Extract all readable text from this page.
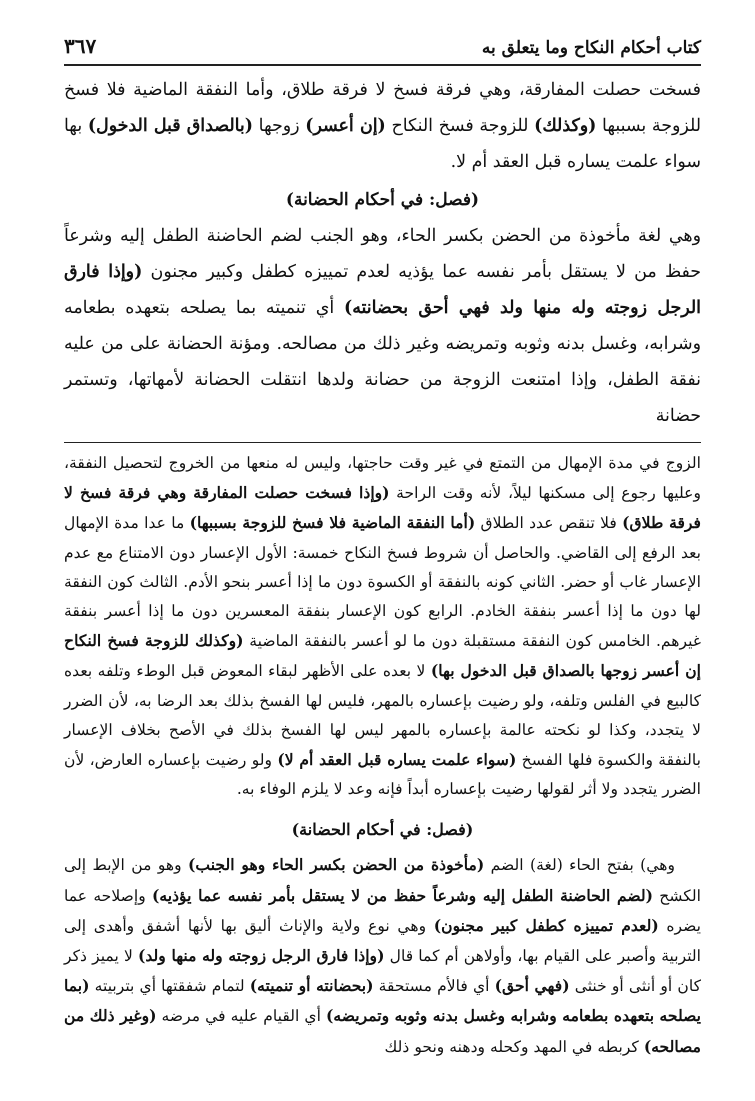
كتاب أحكام النكاح وما يتعلق به
٣٦٧

فسخت حصلت المفارقة، وهي فرقة فسخ لا فرقة طلاق، وأما النفقة الماضية فلا فسخ للزوجة بسببها (وكذلك) للزوجة فسخ النكاح (إن أعسر) زوجها (بالصداق قبل الدخول) بها سواء علمت يساره قبل العقد أم لا.

(فصل: في أحكام الحضانة)

وهي لغة مأخوذة من الحضن بكسر الحاء، وهو الجنب لضم الحاضنة الطفل إليه وشرعاً حفظ من لا يستقل بأمر نفسه عما يؤذيه لعدم تمييزه كطفل وكبير مجنون (وإذا فارق الرجل زوجته وله منها ولد فهي أحق بحضانته) أي تنميته بما يصلحه بتعهده بطعامه وشرابه، وغسل بدنه وثوبه وتمريضه وغير ذلك من مصالحه. ومؤنة الحضانة على من عليه نفقة الطفل، وإذا امتنعت الزوجة من حضانة ولدها انتقلت الحضانة لأمهاتها، وتستمر حضانة

الزوج في مدة الإمهال من التمتع في غير وقت حاجتها، وليس له منعها من الخروج لتحصيل النفقة، وعليها رجوع إلى مسكنها ليلاً، لأنه وقت الراحة (وإذا فسخت حصلت المفارقة وهي فرقة فسخ لا فرقة طلاق) فلا تنقص عدد الطلاق (أما النفقة الماضية فلا فسخ للزوجة بسببها) ما عدا مدة الإمهال بعد الرفع إلى القاضي. والحاصل أن شروط فسخ النكاح خمسة: الأول الإعسار دون الامتناع مع عدم الإعسار غاب أو حضر. الثاني كونه بالنفقة أو الكسوة دون ما إذا أعسر بنحو الأدم. الثالث كون النفقة لها دون ما إذا أعسر بنفقة الخادم. الرابع كون الإعسار بنفقة المعسرين دون ما إذا أعسر بنفقة غيرهم. الخامس كون النفقة مستقبلة دون ما لو أعسر بالنفقة الماضية (وكذلك للزوجة فسخ النكاح إن أعسر زوجها بالصداق قبل الدخول بها) لا بعده على الأظهر لبقاء المعوض قبل الوطء وتلفه بعده كالبيع في الفلس وتلفه، ولو رضيت بإعساره بالمهر، فليس لها الفسخ بذلك بعد الرضا به، لأن الضرر لا يتجدد، وكذا لو نكحته عالمة بإعساره بالمهر ليس لها الفسخ بذلك في الأصح بخلاف الإعسار بالنفقة والكسوة فلها الفسخ (سواء علمت يساره قبل العقد أم لا) ولو رضيت بإعساره العارض، لأن الضرر يتجدد ولا أثر لقولها رضيت بإعساره أبداً فإنه وعد لا يلزم الوفاء به.

(فصل: في أحكام الحضانة)

وهي) بفتح الحاء (لغة) الضم (مأخوذة من الحضن بكسر الحاء وهو الجنب) وهو من الإبط إلى الكشح (لضم الحاضنة الطفل إليه وشرعاً حفظ من لا يستقل بأمر نفسه عما يؤذيه) وإصلاحه عما يضره (لعدم تمييزه كطفل كبير مجنون) وهي نوع ولاية والإناث أليق بها لأنها أشفق وأهدى إلى التربية وأصبر على القيام بها، وأولاهن أم كما قال (وإذا فارق الرجل زوجته وله منها ولد) لا يميز ذكر كان أو أنثى أو خنثى (فهي أحق) أي فالأم مستحقة (بحضانته أو تنميته) لتمام شفقتها أي بتربيته (بما يصلحه بتعهده بطعامه وشرابه وغسل بدنه وثوبه وتمريضه) أي القيام عليه في مرضه (وغير ذلك من مصالحه) كربطه في المهد وكحله ودهنه ونحو ذلك
